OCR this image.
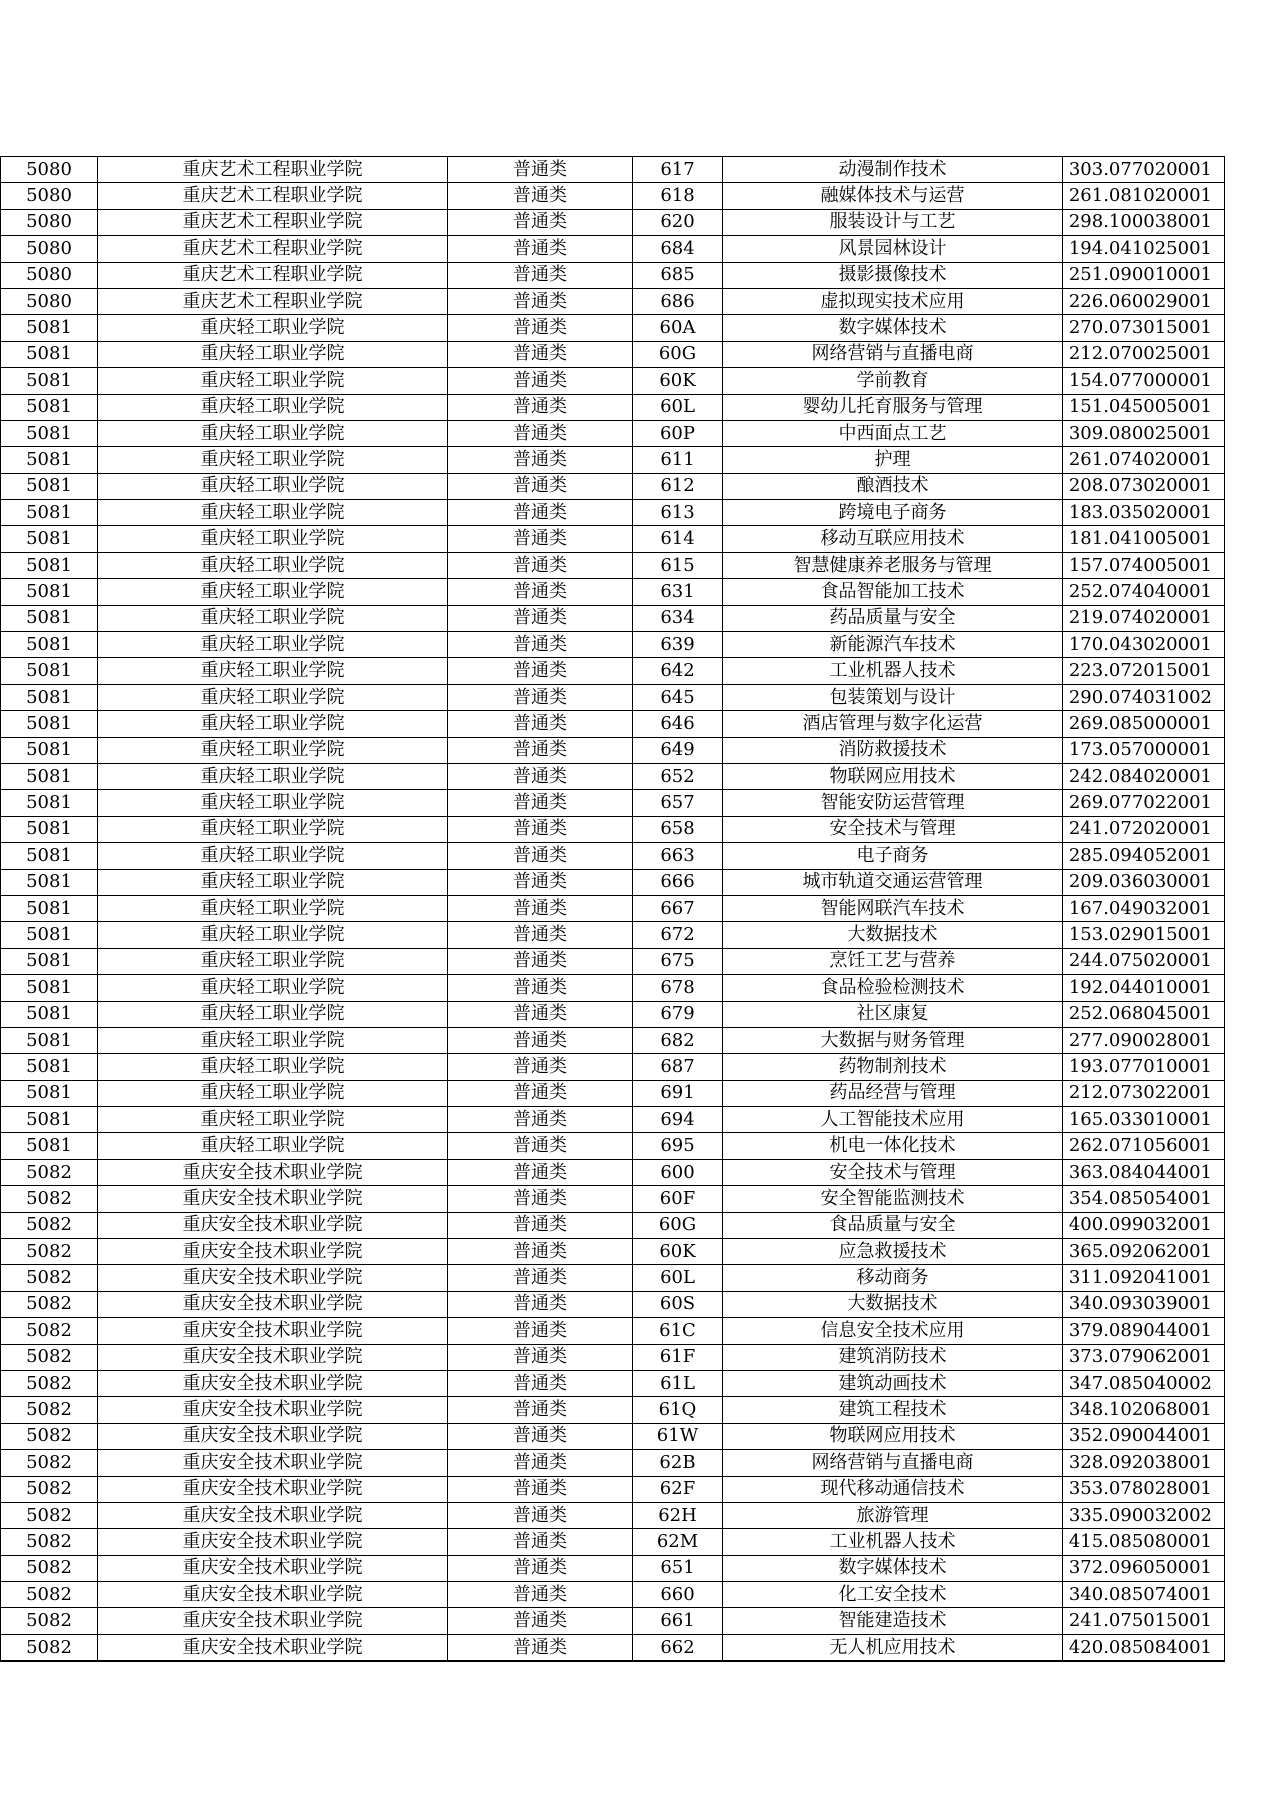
5080	重庆艺术工程职业学院	普通类	617	动漫制作技术	303.077020001
5080	重庆艺术工程职业学院	普通类	618	融媒体技术与运营	261.081020001
5080	重庆艺术工程职业学院	普通类	620	服装设计与工艺	298.100038001
5080	重庆艺术工程职业学院	普通类	684	风景园林设计	194.041025001
5080	重庆艺术工程职业学院	普通类	685	摄影摄像技术	251.090010001
5080	重庆艺术工程职业学院	普通类	686	虚拟现实技术应用	226.060029001
5081	重庆轻工职业学院	普通类	60A	数字媒体技术	270.073015001
5081	重庆轻工职业学院	普通类	60G	网络营销与直播电商	212.070025001
5081	重庆轻工职业学院	普通类	60K	学前教育	154.077000001
5081	重庆轻工职业学院	普通类	60L	婴幼儿托育服务与管理	151.045005001
5081	重庆轻工职业学院	普通类	60P	中西面点工艺	309.080025001
5081	重庆轻工职业学院	普通类	611	护理	261.074020001
5081	重庆轻工职业学院	普通类	612	酿酒技术	208.073020001
5081	重庆轻工职业学院	普通类	613	跨境电子商务	183.035020001
5081	重庆轻工职业学院	普通类	614	移动互联应用技术	181.041005001
5081	重庆轻工职业学院	普通类	615	智慧健康养老服务与管理	157.074005001
5081	重庆轻工职业学院	普通类	631	食品智能加工技术	252.074040001
5081	重庆轻工职业学院	普通类	634	药品质量与安全	219.074020001
5081	重庆轻工职业学院	普通类	639	新能源汽车技术	170.043020001
5081	重庆轻工职业学院	普通类	642	工业机器人技术	223.072015001
5081	重庆轻工职业学院	普通类	645	包装策划与设计	290.074031002
5081	重庆轻工职业学院	普通类	646	酒店管理与数字化运营	269.085000001
5081	重庆轻工职业学院	普通类	649	消防救援技术	173.057000001
5081	重庆轻工职业学院	普通类	652	物联网应用技术	242.084020001
5081	重庆轻工职业学院	普通类	657	智能安防运营管理	269.077022001
5081	重庆轻工职业学院	普通类	658	安全技术与管理	241.072020001
5081	重庆轻工职业学院	普通类	663	电子商务	285.094052001
5081	重庆轻工职业学院	普通类	666	城市轨道交通运营管理	209.036030001
5081	重庆轻工职业学院	普通类	667	智能网联汽车技术	167.049032001
5081	重庆轻工职业学院	普通类	672	大数据技术	153.029015001
5081	重庆轻工职业学院	普通类	675	烹饪工艺与营养	244.075020001
5081	重庆轻工职业学院	普通类	678	食品检验检测技术	192.044010001
5081	重庆轻工职业学院	普通类	679	社区康复	252.068045001
5081	重庆轻工职业学院	普通类	682	大数据与财务管理	277.090028001
5081	重庆轻工职业学院	普通类	687	药物制剂技术	193.077010001
5081	重庆轻工职业学院	普通类	691	药品经营与管理	212.073022001
5081	重庆轻工职业学院	普通类	694	人工智能技术应用	165.033010001
5081	重庆轻工职业学院	普通类	695	机电一体化技术	262.071056001
5082	重庆安全技术职业学院	普通类	600	安全技术与管理	363.084044001
5082	重庆安全技术职业学院	普通类	60F	安全智能监测技术	354.085054001
5082	重庆安全技术职业学院	普通类	60G	食品质量与安全	400.099032001
5082	重庆安全技术职业学院	普通类	60K	应急救援技术	365.092062001
5082	重庆安全技术职业学院	普通类	60L	移动商务	311.092041001
5082	重庆安全技术职业学院	普通类	60S	大数据技术	340.093039001
5082	重庆安全技术职业学院	普通类	61C	信息安全技术应用	379.089044001
5082	重庆安全技术职业学院	普通类	61F	建筑消防技术	373.079062001
5082	重庆安全技术职业学院	普通类	61L	建筑动画技术	347.085040002
5082	重庆安全技术职业学院	普通类	61Q	建筑工程技术	348.102068001
5082	重庆安全技术职业学院	普通类	61W	物联网应用技术	352.090044001
5082	重庆安全技术职业学院	普通类	62B	网络营销与直播电商	328.092038001
5082	重庆安全技术职业学院	普通类	62F	现代移动通信技术	353.078028001
5082	重庆安全技术职业学院	普通类	62H	旅游管理	335.090032002
5082	重庆安全技术职业学院	普通类	62M	工业机器人技术	415.085080001
5082	重庆安全技术职业学院	普通类	651	数字媒体技术	372.096050001
5082	重庆安全技术职业学院	普通类	660	化工安全技术	340.085074001
5082	重庆安全技术职业学院	普通类	661	智能建造技术	241.075015001
5082	重庆安全技术职业学院	普通类	662	无人机应用技术	420.085084001
